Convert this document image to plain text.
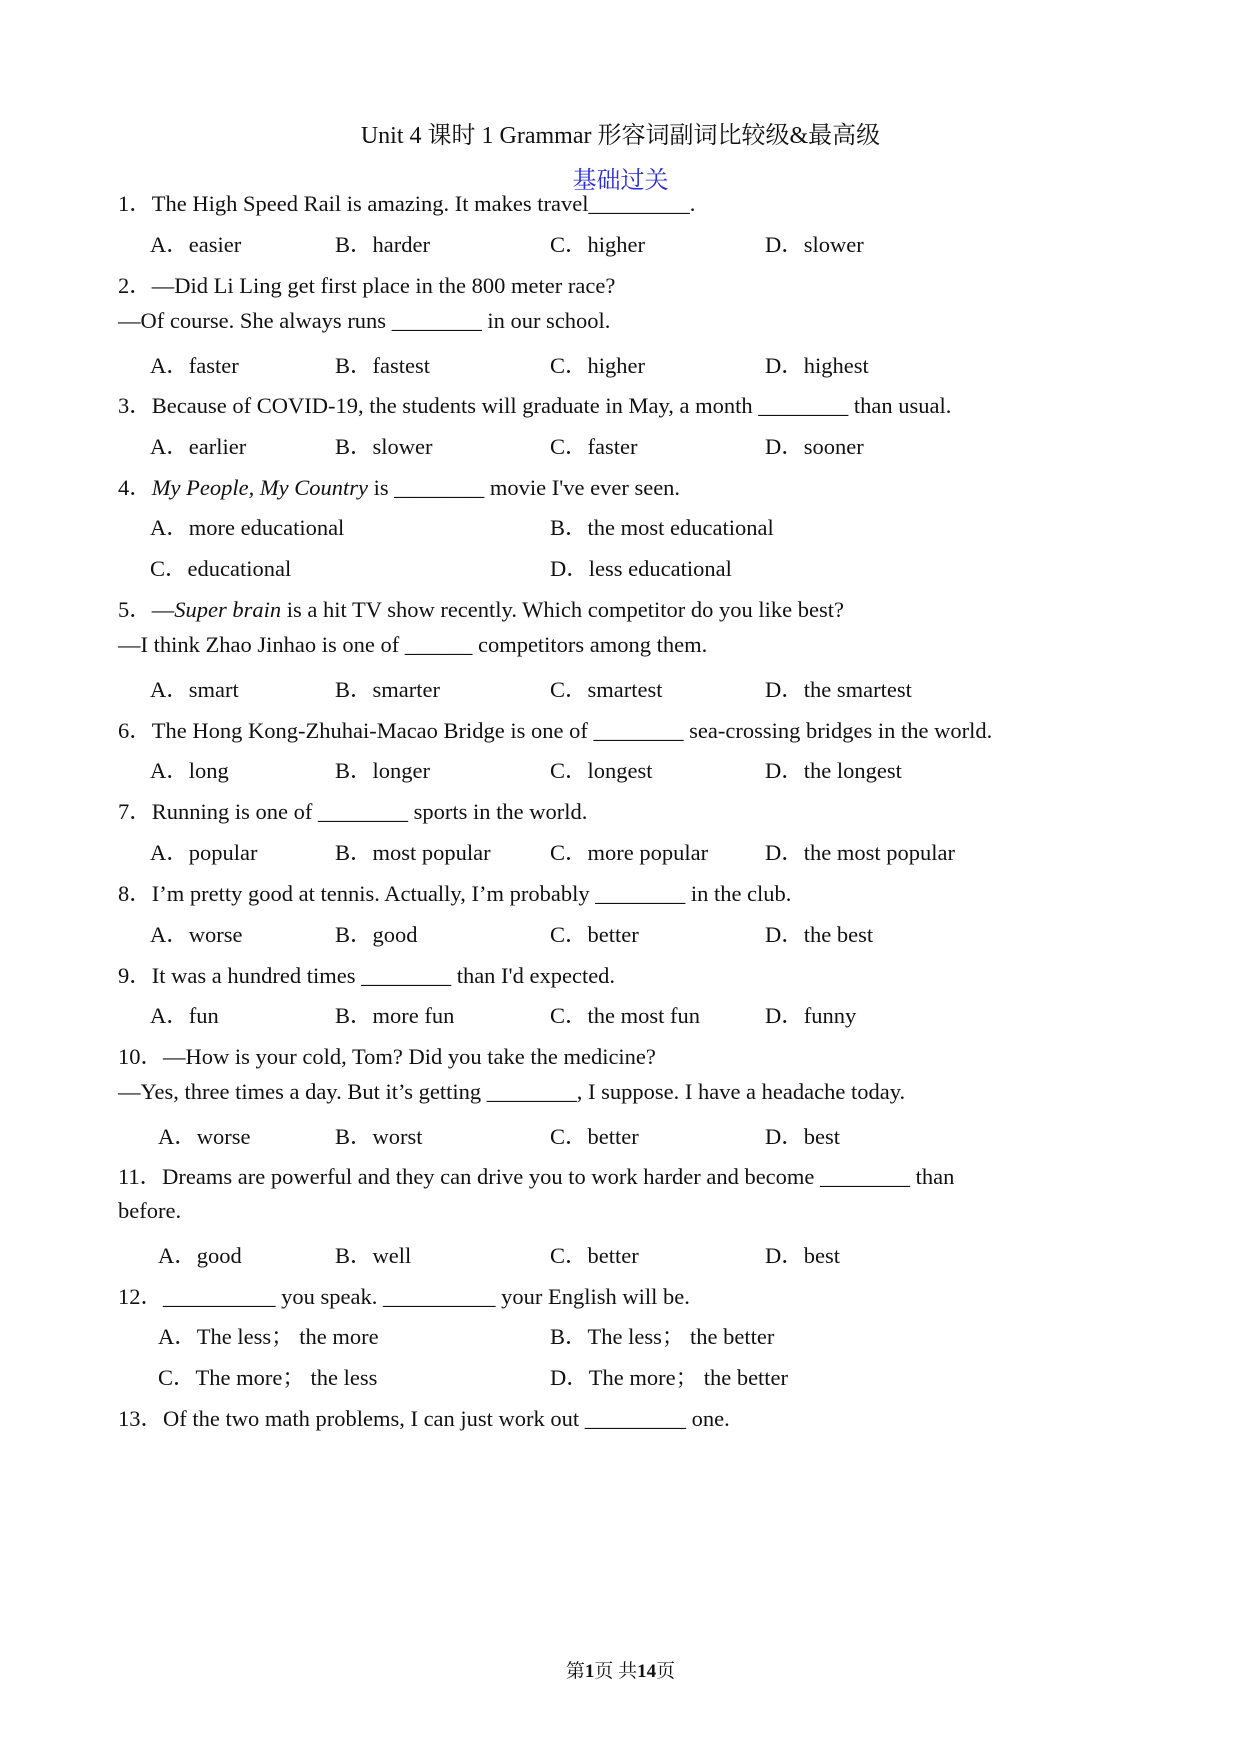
Unit 4 课时 1 Grammar 形容词副词比较级&最高级
基础过关
1．The High Speed Rail is amazing. It makes travel_________.
A．easier	B．harder	C．higher	D．slower
2．—Did Li Ling get first place in the 800 meter race?
—Of course. She always runs ________ in our school.
A．faster	B．fastest	C．higher	D．highest
3．Because of COVID-19, the students will graduate in May, a month ________ than usual.
A．earlier	B．slower	C．faster	D．sooner
4．My People, My Country is ________ movie I've ever seen.
A．more educational	B．the most educational
C．educational	D．less educational
5．—Super brain is a hit TV show recently. Which competitor do you like best?
—I think Zhao Jinhao is one of ______ competitors among them.
A．smart	B．smarter	C．smartest	D．the smartest
6．The Hong Kong-Zhuhai-Macao Bridge is one of ________ sea-crossing bridges in the world.
A．long	B．longer	C．longest	D．the longest
7．Running is one of ________ sports in the world.
A．popular	B．most popular	C．more popular	D．the most popular
8．I’m pretty good at tennis. Actually, I’m probably ________ in the club.
A．worse	B．good	C．better	D．the best
9．It was a hundred times ________ than I'd expected.
A．fun	B．more fun	C．the most fun	D．funny
10．—How is your cold, Tom? Did you take the medicine?
—Yes, three times a day. But it’s getting ________, I suppose. I have a headache today.
A．worse	B．worst	C．better	D．best
11．Dreams are powerful and they can drive you to work harder and become ________ than
before.
A．good	B．well	C．better	D．best
12．__________ you speak. __________ your English will be.
A．The less； the more	B．The less； the better
C．The more； the less	D．The more； the better
13．Of the two math problems, I can just work out _________ one.
第1页 共14页
